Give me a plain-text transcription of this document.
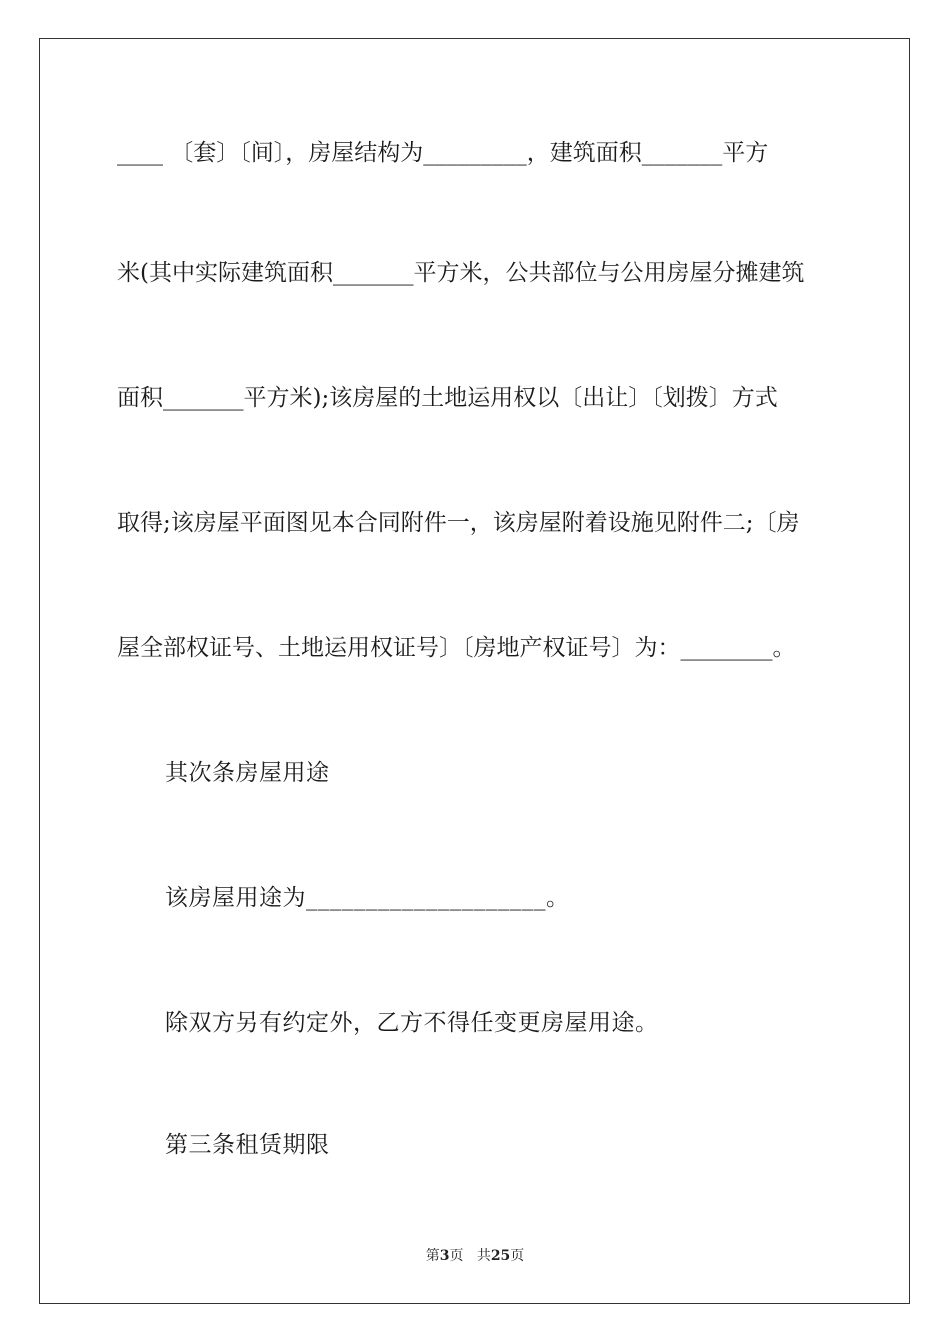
____ 〔套〕〔间〕，房屋结构为_________，建筑面积_______平方
米(其中实际建筑面积_______平方米，公共部位与公用房屋分摊建筑
面积_______平方米);该房屋的土地运用权以〔出让〕〔划拨〕方式
取得;该房屋平面图见本合同附件一，该房屋附着设施见附件二;〔房
屋全部权证号、土地运用权证号〕〔房地产权证号〕为：________。
其次条房屋用途
该房屋用途为____________________。
除双方另有约定外，乙方不得任变更房屋用途。
第三条租赁期限
第3页 共25页
